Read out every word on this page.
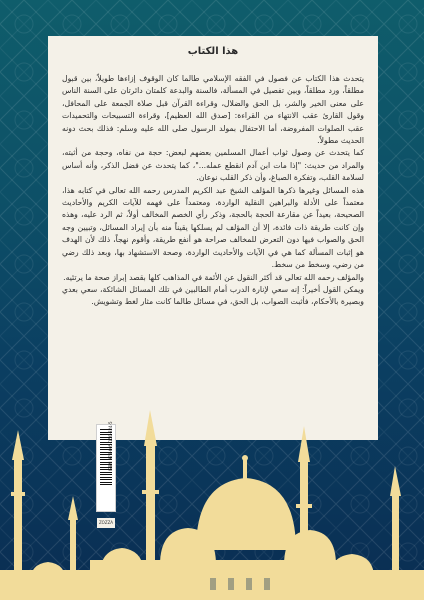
هذا الكتاب

يتحدث هذا الكتاب عن فصول في الفقه الإسلامي طالما كان الوقوف إزاءها طويلاً، بين قبول مطلقاً، ورد مطلقاً، وبين تفصيل في المسألة، فالسنة والبدعة كلمتان دائرتان على السنة الناس على معنى الخير والشر، بل الحق والضلال، وقراءة القرآن قبل صلاة الجمعة على المحافل، وقول القارئ عقب الانتهاء من القراءة: [صدق الله العظيم]، وقراءة التسبيحات والتحميدات عقب الصلوات المفروضة، أما الاحتفال بمولد الرسول صلى الله عليه وسلم: فذلك بحث دونه الحديث مطولاً.

كما يتحدث عن وصول ثواب أعمال المسلمين بعضهم لبعض: حجة من نفاه، وحجة من أثبته، والمراد من حديث: "إذا مات ابن آدم انقطع عمله..."، كما يتحدث عن فضل الذكر، وأنه أساس لسلامة القلب، وتفكرة الصباغ، وأن ذكر القلب نوعان.

هذه المسائل وغيرها ذكرها المؤلف الشيخ عبد الكريم المدرس رحمه الله تعالى في كتابه هذا، معتمداً على الأدلة والبراهين النقلية الواردة، ومعتمداً على فهمه للآيات الكريم والأحاديث الصحيحة، بعيداً عن مقارعة الحجة بالحجة، وذكر رأي الخصم المخالف أولاً، ثم الرد عليه، وهذه وإن كانت طريقة ذات فائدة، إلا أن المؤلف لم يسلكها يقيناً منه بأن إيراد المسائل، وتبيين وجه الحق والصواب فيها دون التعرض للمخالف صراحة هو أنفع طريقة، وأقوم نهجاً، ذلك لأن الهدف هو إثبات المسألة كما هي في الآيات والأحاديث الواردة، وصحة الاستشهاد بها، وبعد ذلك رضي من رضي، وسخط من سخط.

والمؤلف رحمه الله تعالى قد أكثر النقول عن الأئمة في المذاهب كلها بقصد إبراز صحة ما يرتئيه.

ويمكن القول أخيراً: إنه سعي لإنارة الدرب أمام الطالبين في تلك المسائل الشائكة، سعي بعدي وبصيرة بالأحكام، فأثبت الصواب، بل الحق، في مسائل طالما كانت مثار لغط وتشويش.

ISBN 978-605-150-324-5
ZOZZA
